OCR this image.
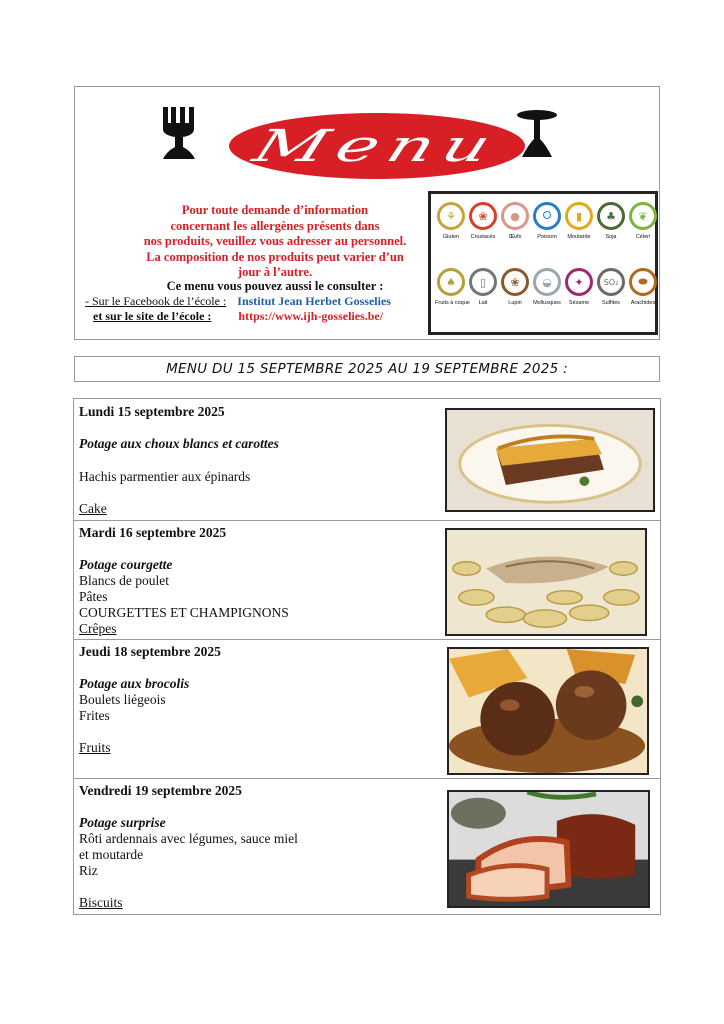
Menu
Pour toute demande d’information
concernant les allergènes présents dans
nos produits, veuillez vous adresser au personnel.
La composition de nos produits peut varier d’un
jour à l’autre.
Ce menu vous pouvez aussi le consulter :
- Sur le Facebook de l’école : Institut Jean Herbet Gosselies
et sur le site de l’école : https://www.ijh-gosselies.be/
⚘
Gluten
❀
Crustacés
●
Œufs
⭘
Poisson
▮
Moutarde
♣
Soja
❦
Céleri
♠
Fruits à coque
▯
Lait
❀
Lupin
◒
Mollusques
✦
Sésame
SO₂
Sulfites
⬬
Arachides
MENU DU 15 SEPTEMBRE 2025 AU 19 SEPTEMBRE 2025 :
Lundi 15 septembre 2025
Potage aux choux blancs et carottes
Hachis parmentier aux épinards
Cake
Mardi 16 septembre 2025
Potage courgette
Blancs de poulet
Pâtes
COURGETTES ET CHAMPIGNONS
Crêpes
Jeudi 18 septembre 2025
Potage aux brocolis
Boulets liégeois
Frites
Fruits
Vendredi 19 septembre 2025
Potage surprise
Rôti ardennais avec légumes, sauce miel
et moutarde
Riz
Biscuits
